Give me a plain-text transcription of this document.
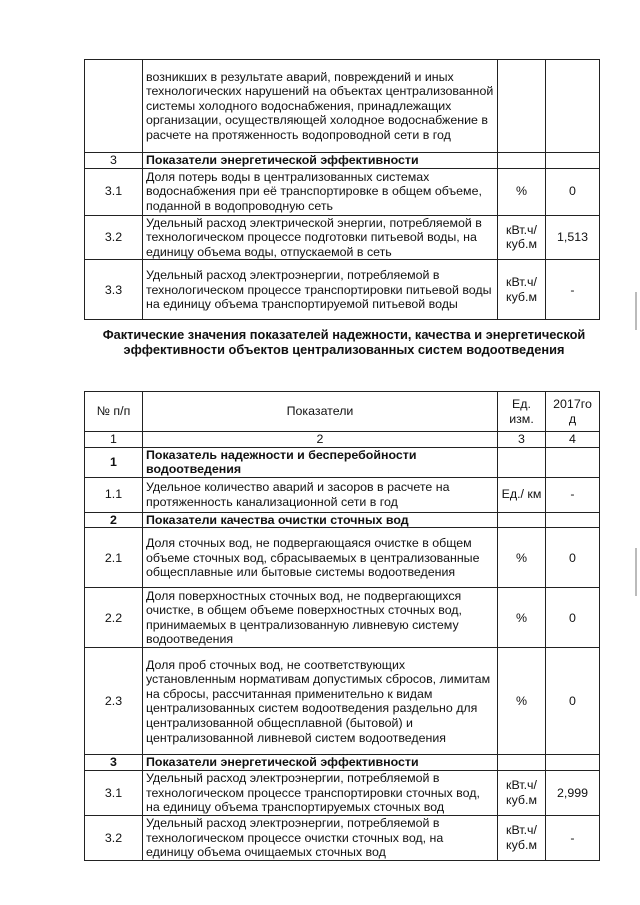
	возникших в результате аварий, повреждений и иных технологических нарушений на объектах централизованной системы холодного водоснабжения, принадлежащих организации, осуществляющей холодное водоснабжение в расчете на протяженность водопроводной сети в год		
3	Показатели энергетической эффективности		
3.1	Доля потерь воды в централизованных системах водоснабжения при её транспортировке в общем объеме, поданной в водопроводную сеть	%	0
3.2	Удельный расход электрической энергии, потребляемой в технологическом процессе подготовки питьевой воды, на единицу объема воды, отпускаемой в сеть	кВт.ч/ куб.м	1,513
3.3	Удельный расход электроэнергии, потребляемой в технологическом процессе транспортировки питьевой воды на единицу объема транспортируемой питьевой воды	кВт.ч/ куб.м	-
Фактические значения показателей надежности, качества и энергетической эффективности объектов централизованных систем водоотведения
№ п/п	Показатели	Ед. изм.	2017го д
1	2	3	4
1	Показатель надежности и бесперебойности водоотведения		
1.1	Удельное количество аварий и засоров в расчете на протяженность канализационной сети в год	Ед./ км	-
2	Показатели качества очистки сточных вод		
2.1	Доля сточных вод, не подвергающаяся очистке в общем объеме сточных вод, сбрасываемых в централизованные общесплавные или бытовые системы водоотведения	%	0
2.2	Доля поверхностных сточных вод, не подвергающихся очистке, в общем объеме поверхностных сточных вод, принимаемых в централизованную ливневую систему водоотведения	%	0
2.3	Доля проб сточных вод, не соответствующих установленным нормативам допустимых сбросов, лимитам на сбросы, рассчитанная применительно к видам централизованных систем водоотведения раздельно для централизованной общесплавной (бытовой) и централизованной ливневой систем водоотведения	%	0
3	Показатели энергетической эффективности		
3.1	Удельный расход электроэнергии, потребляемой в технологическом процессе транспортировки сточных вод, на единицу объема транспортируемых сточных вод	кВт.ч/ куб.м	2,999
3.2	Удельный расход электроэнергии, потребляемой в технологическом процессе очистки сточных вод, на единицу объема очищаемых сточных вод	кВт.ч/ куб.м	-
